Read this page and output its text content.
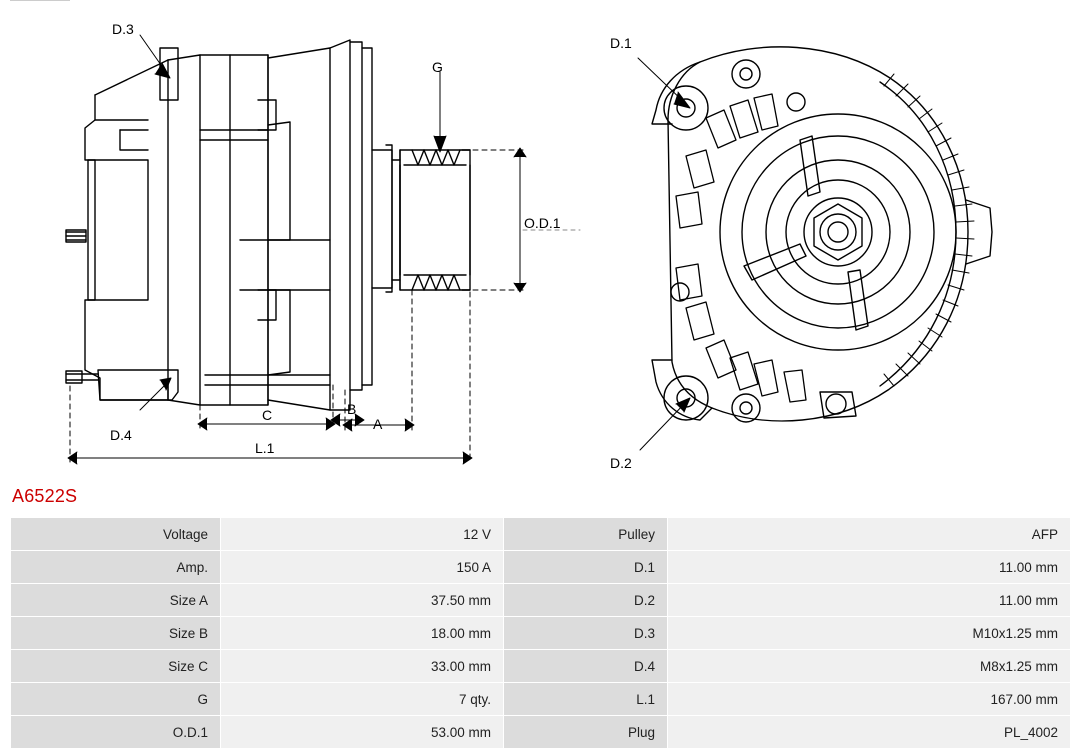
D.3
G
O.D.1
D.4
C	B
A
L.1
D.1
D.2
A6522S
Voltage	12 V	Pulley	AFP
Amp.	150 A	D.1	11.00 mm
Size A	37.50 mm	D.2	11.00 mm
Size B	18.00 mm	D.3	M10x1.25 mm
Size C	33.00 mm	D.4	M8x1.25 mm
G	7 qty.	L.1	167.00 mm
O.D.1	53.00 mm	Plug	PL_4002
